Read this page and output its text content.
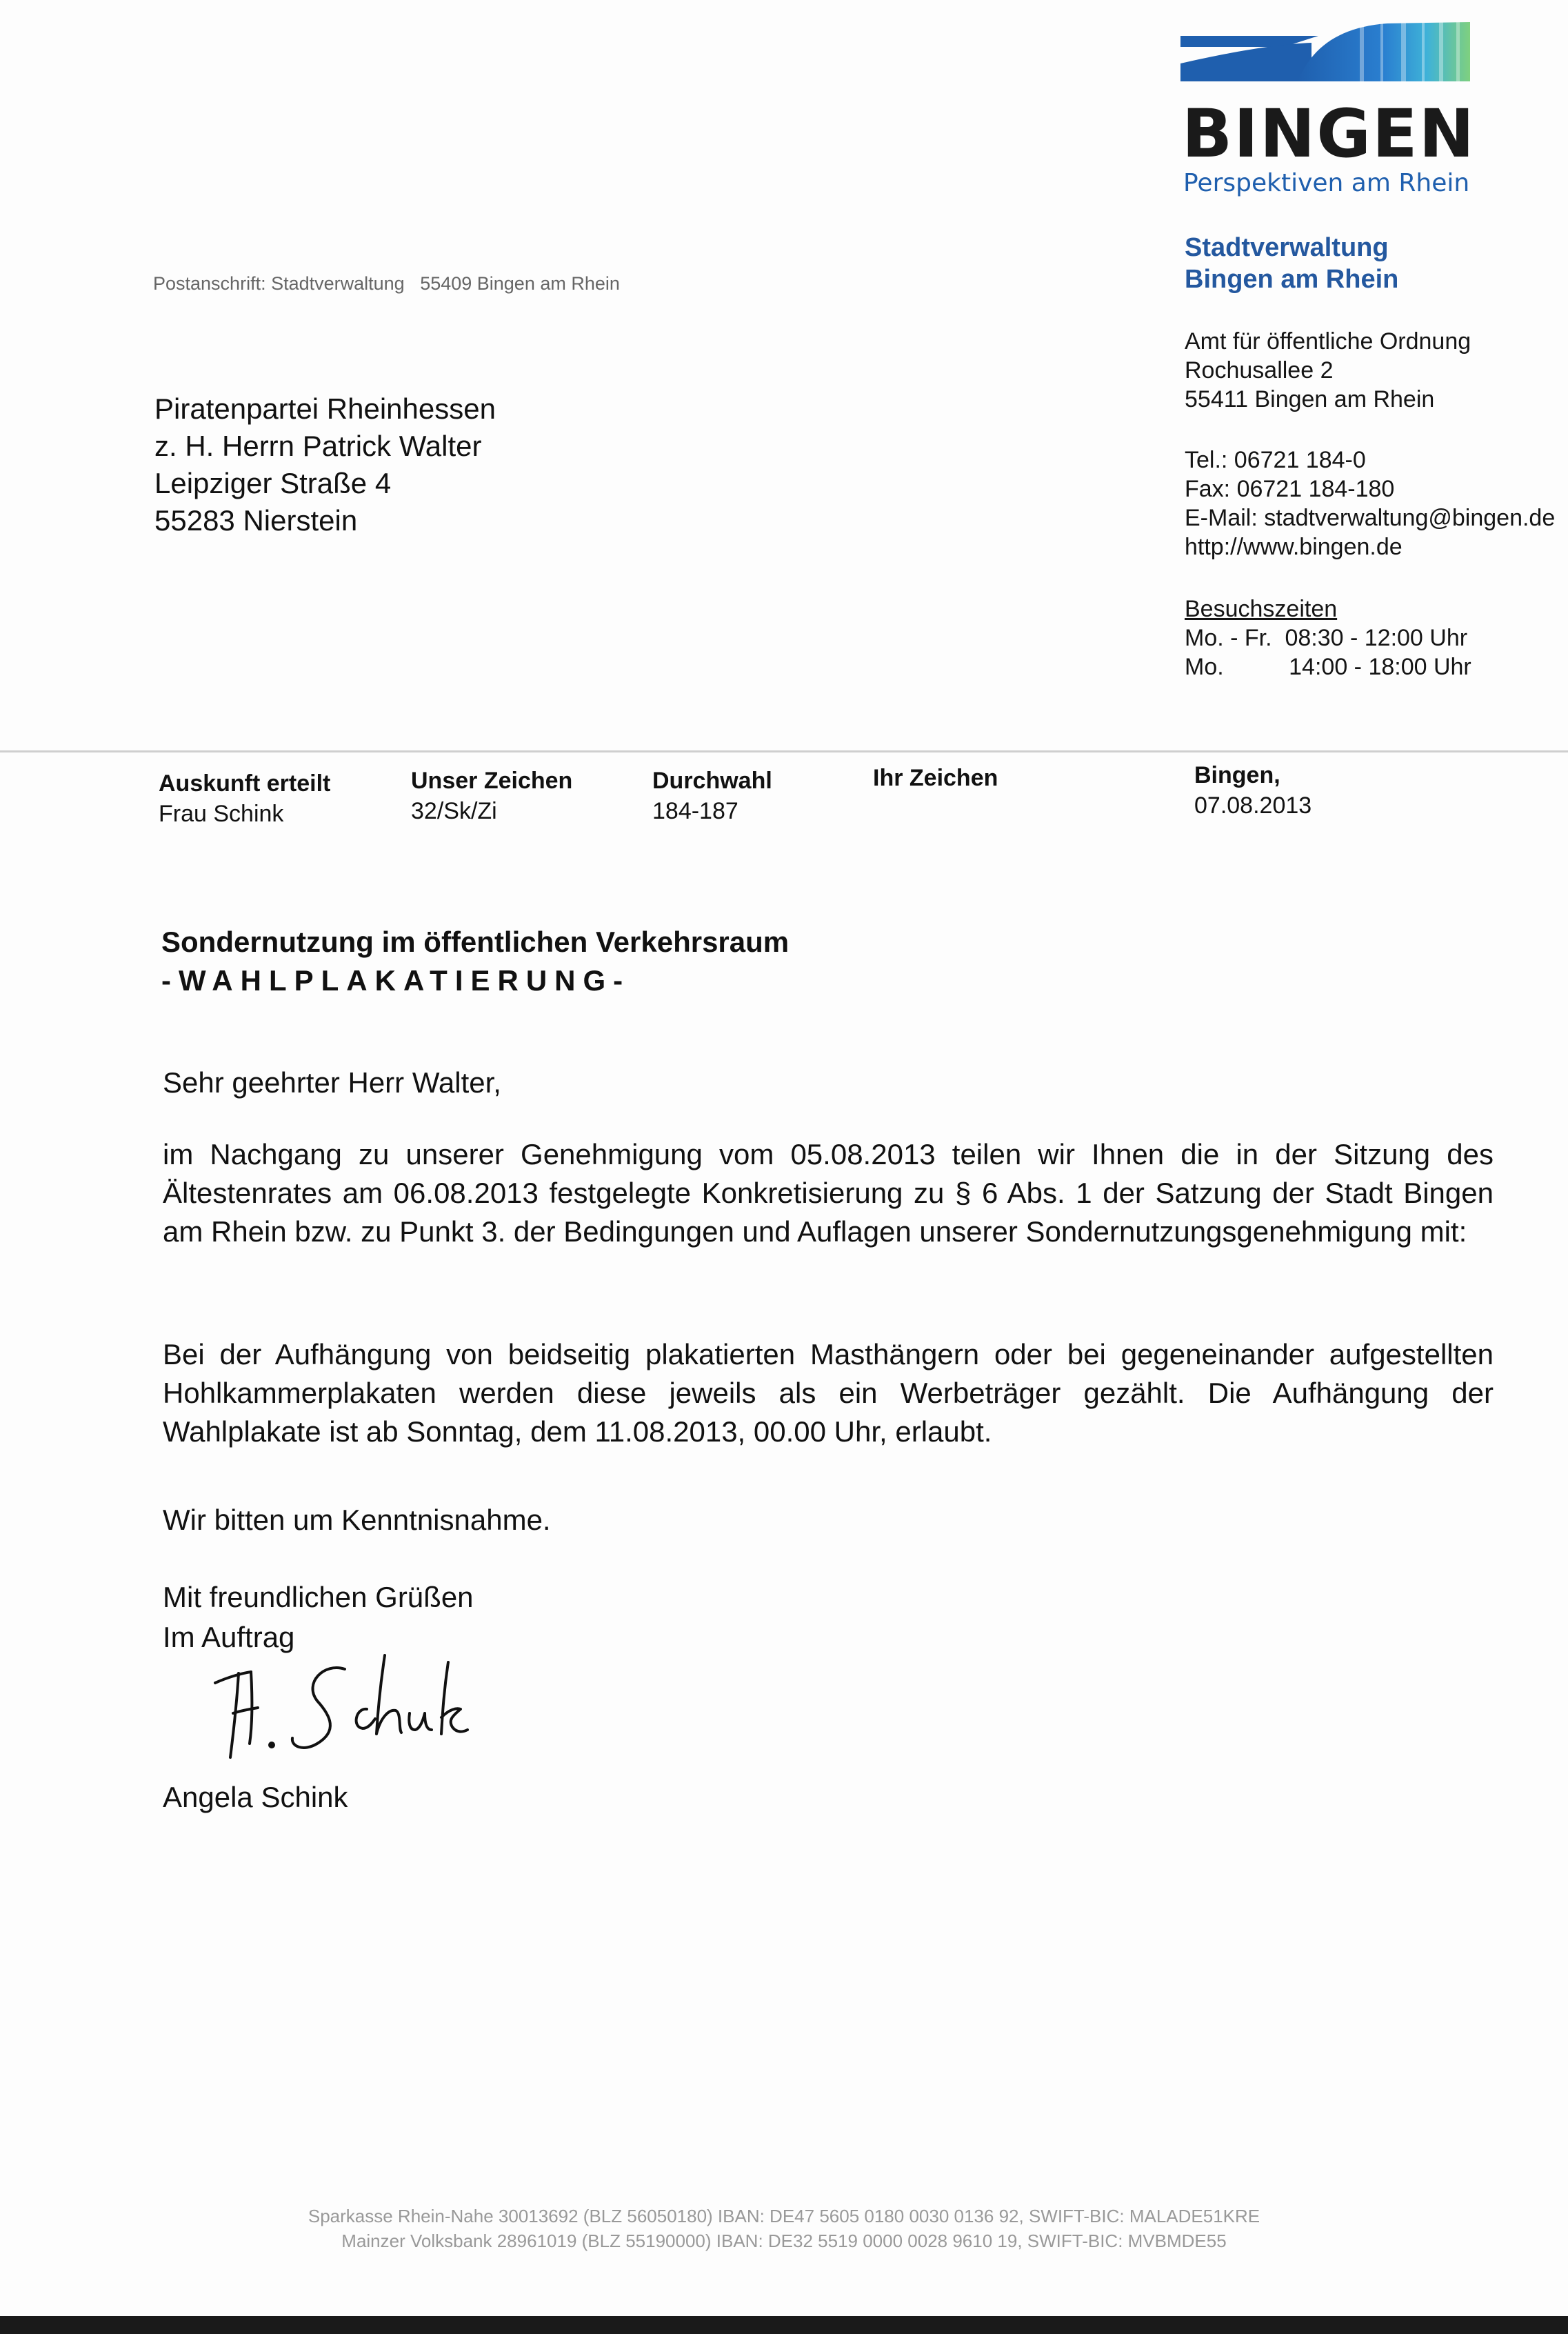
BINGEN
Perspektiven am Rhein
Stadtverwaltung
Bingen am Rhein
Amt für öffentliche Ordnung
Rochusallee 2
55411 Bingen am Rhein
Tel.: 06721 184-0
Fax: 06721 184-180
E-Mail: stadtverwaltung@bingen.de
http://www.bingen.de
Besuchszeiten
Mo. - Fr.  08:30 - 12:00 Uhr
Mo.          14:00 - 18:00 Uhr
Postanschrift: Stadtverwaltung   55409 Bingen am Rhein
Piratenpartei Rheinhessen
z. H. Herrn Patrick Walter
Leipziger Straße 4
55283 Nierstein
Auskunft erteilt
Frau Schink
Unser Zeichen
32/Sk/Zi
Durchwahl
184-187
Ihr Zeichen	Bingen,
07.08.2013
Sondernutzung im öffentlichen Verkehrsraum
-WAHLPLAKATIERUNG-
Sehr geehrter Herr Walter,
im Nachgang zu unserer Genehmigung vom 05.08.2013 teilen wir Ihnen die in der Sitzung des Ältestenrates am 06.08.2013 festgelegte Konkretisierung zu § 6 Abs. 1 der Satzung der Stadt Bingen am Rhein bzw. zu Punkt 3. der Bedingungen und Auflagen unserer Sondernutzungsgenehmigung mit:
Bei der Aufhängung von beidseitig plakatierten Masthängern oder bei gegeneinander aufgestellten Hohlkammerplakaten werden diese jeweils als ein Werbeträger gezählt. Die Aufhängung der Wahlplakate ist ab Sonntag, dem 11.08.2013, 00.00 Uhr, erlaubt.
Wir bitten um Kenntnisnahme.
Mit freundlichen Grüßen
Im Auftrag
Angela Schink
Sparkasse Rhein-Nahe 30013692 (BLZ 56050180) IBAN: DE47 5605 0180 0030 0136 92, SWIFT-BIC: MALADE51KRE
Mainzer Volksbank 28961019 (BLZ 55190000) IBAN: DE32 5519 0000 0028 9610 19, SWIFT-BIC: MVBMDE55
